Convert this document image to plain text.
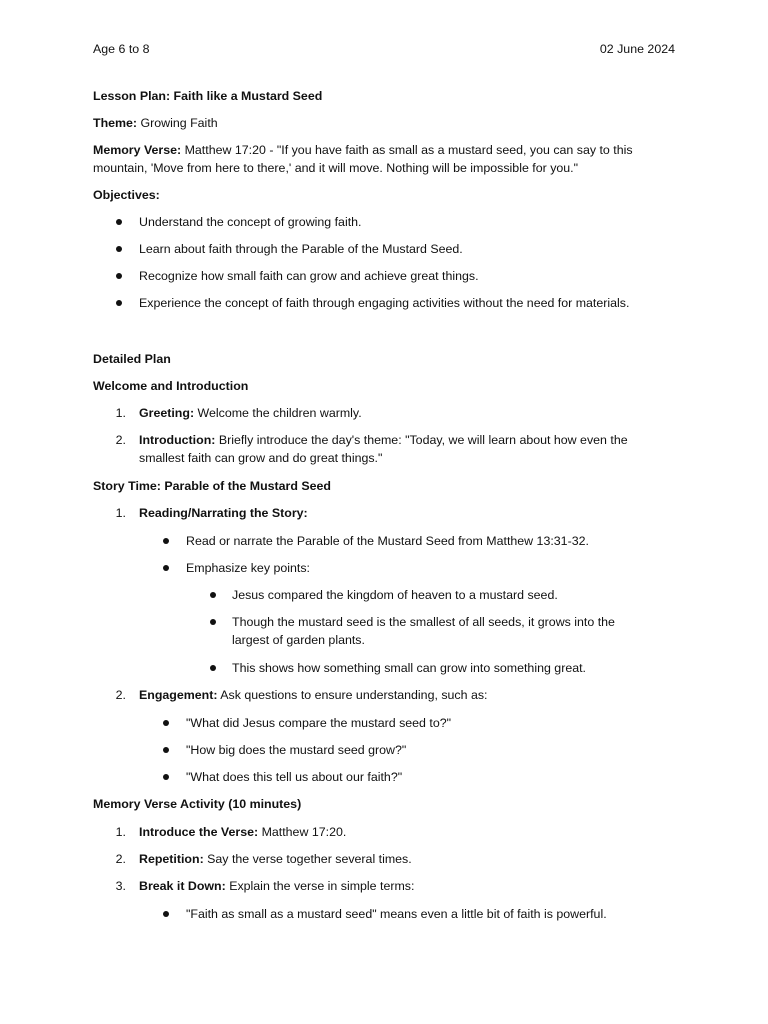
Age 6 to 8	02 June 2024
Lesson Plan: Faith like a Mustard Seed
Theme: Growing Faith
Memory Verse: Matthew 17:20 - "If you have faith as small as a mustard seed, you can say to this
mountain, 'Move from here to there,' and it will move. Nothing will be impossible for you."
Objectives:
Understand the concept of growing faith.
Learn about faith through the Parable of the Mustard Seed.
Recognize how small faith can grow and achieve great things.
Experience the concept of faith through engaging activities without the need for materials.
Detailed Plan
Welcome and Introduction
1. Greeting: Welcome the children warmly.
2. Introduction: Briefly introduce the day's theme: "Today, we will learn about how even the
smallest faith can grow and do great things."
Story Time: Parable of the Mustard Seed
1. Reading/Narrating the Story:
Read or narrate the Parable of the Mustard Seed from Matthew 13:31-32.
Emphasize key points:
Jesus compared the kingdom of heaven to a mustard seed.
Though the mustard seed is the smallest of all seeds, it grows into the
largest of garden plants.
This shows how something small can grow into something great.
2. Engagement: Ask questions to ensure understanding, such as:
"What did Jesus compare the mustard seed to?"
"How big does the mustard seed grow?"
"What does this tell us about our faith?"
Memory Verse Activity (10 minutes)
1. Introduce the Verse: Matthew 17:20.
2. Repetition: Say the verse together several times.
3. Break it Down: Explain the verse in simple terms:
"Faith as small as a mustard seed" means even a little bit of faith is powerful.
